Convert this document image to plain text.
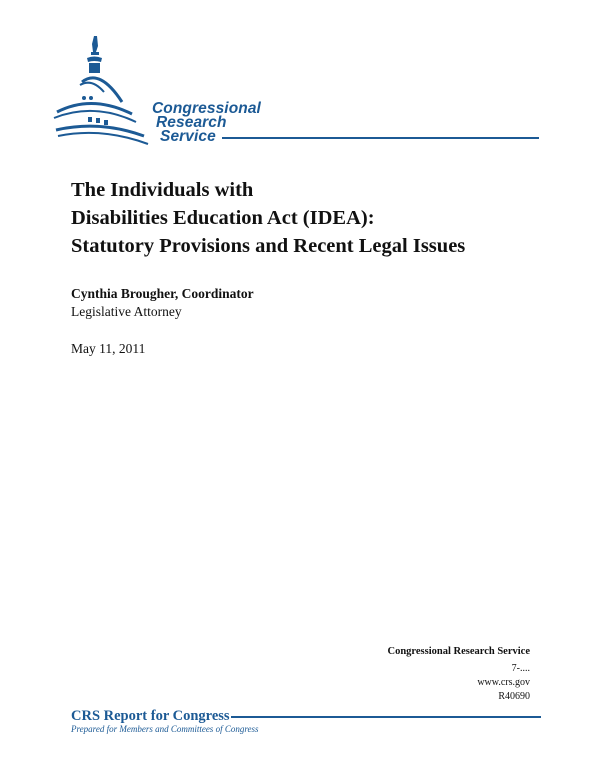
Congressional
Research
Service
The Individuals with
Disabilities Education Act (IDEA):
Statutory Provisions and Recent Legal Issues
Cynthia Brougher, Coordinator
Legislative Attorney
May 11, 2011
Congressional Research Service
7-....
www.crs.gov
R40690
CRS Report for Congress
Prepared for Members and Committees of Congress
